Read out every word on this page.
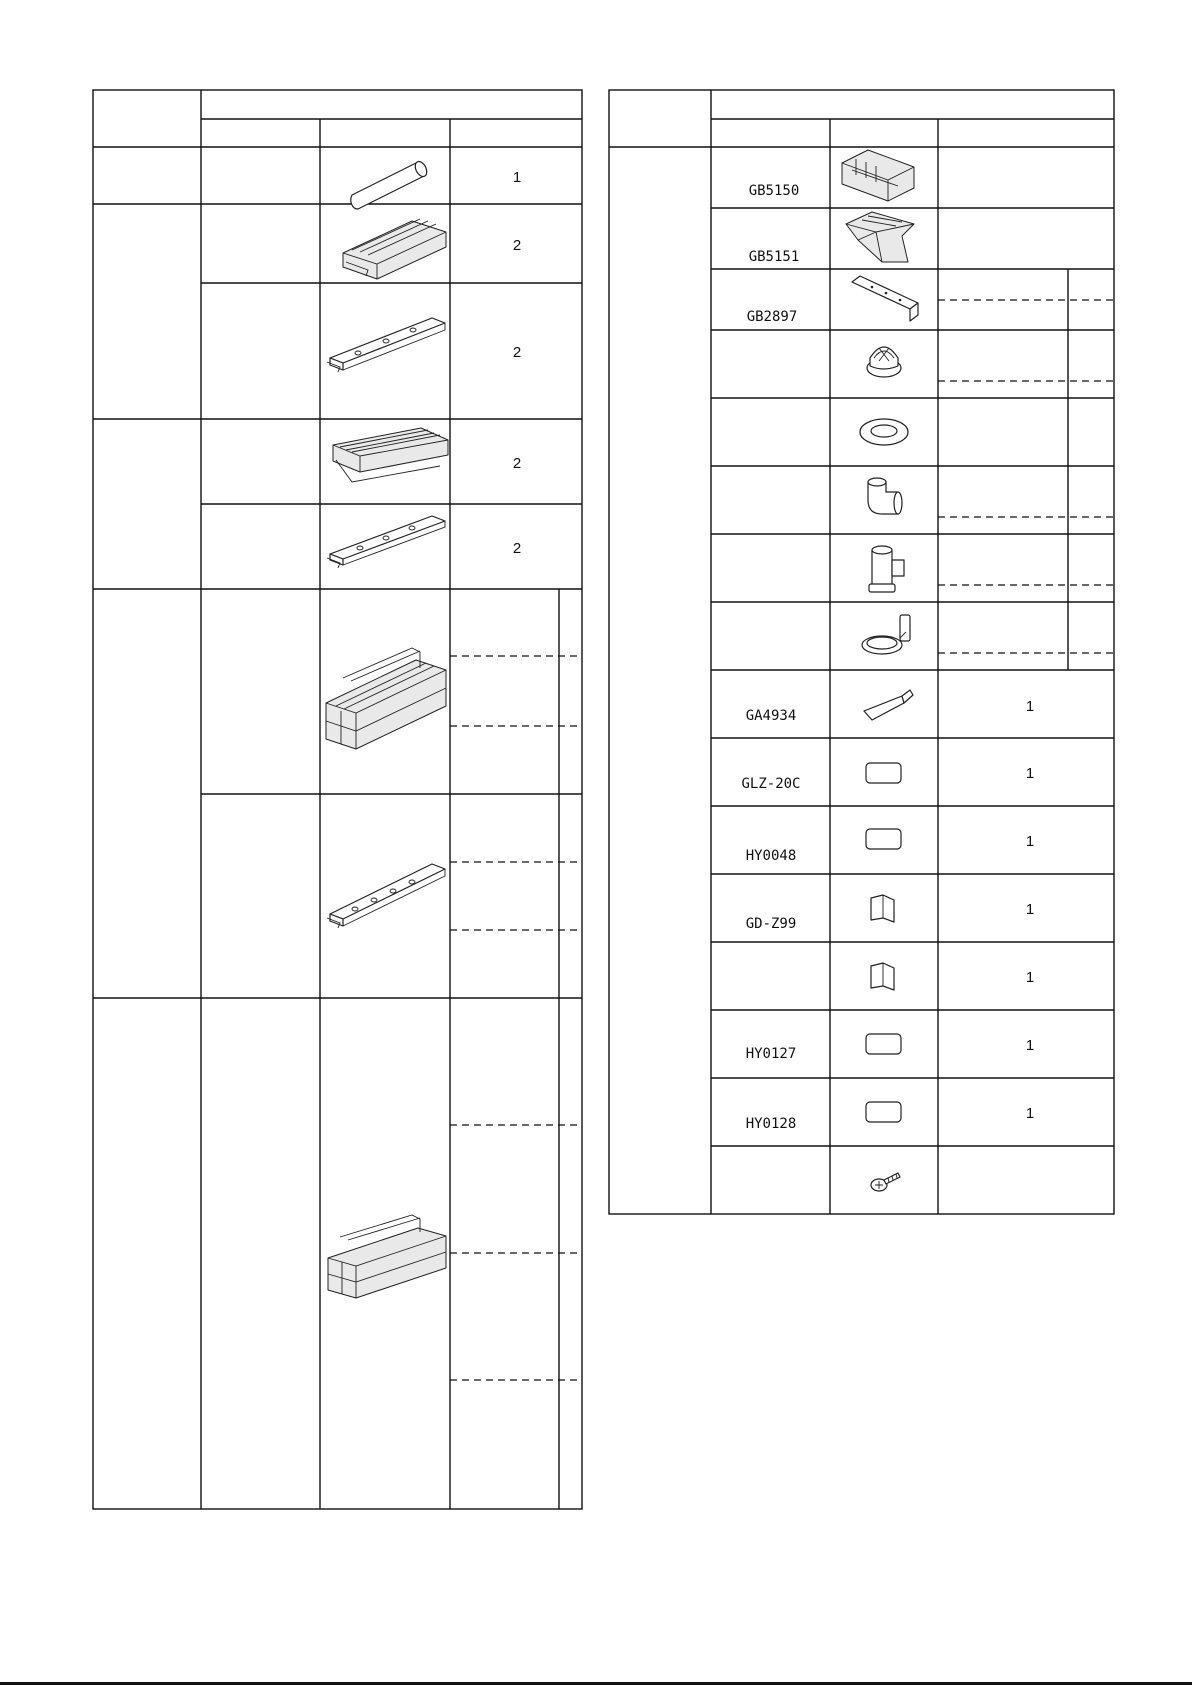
1
2
2
2
2
GB5150
GB5151
GB2897
GA4934
GLZ-20C
HY0048
GD-Z99
HY0127
HY0128
1
1
1
1
1
1
1
